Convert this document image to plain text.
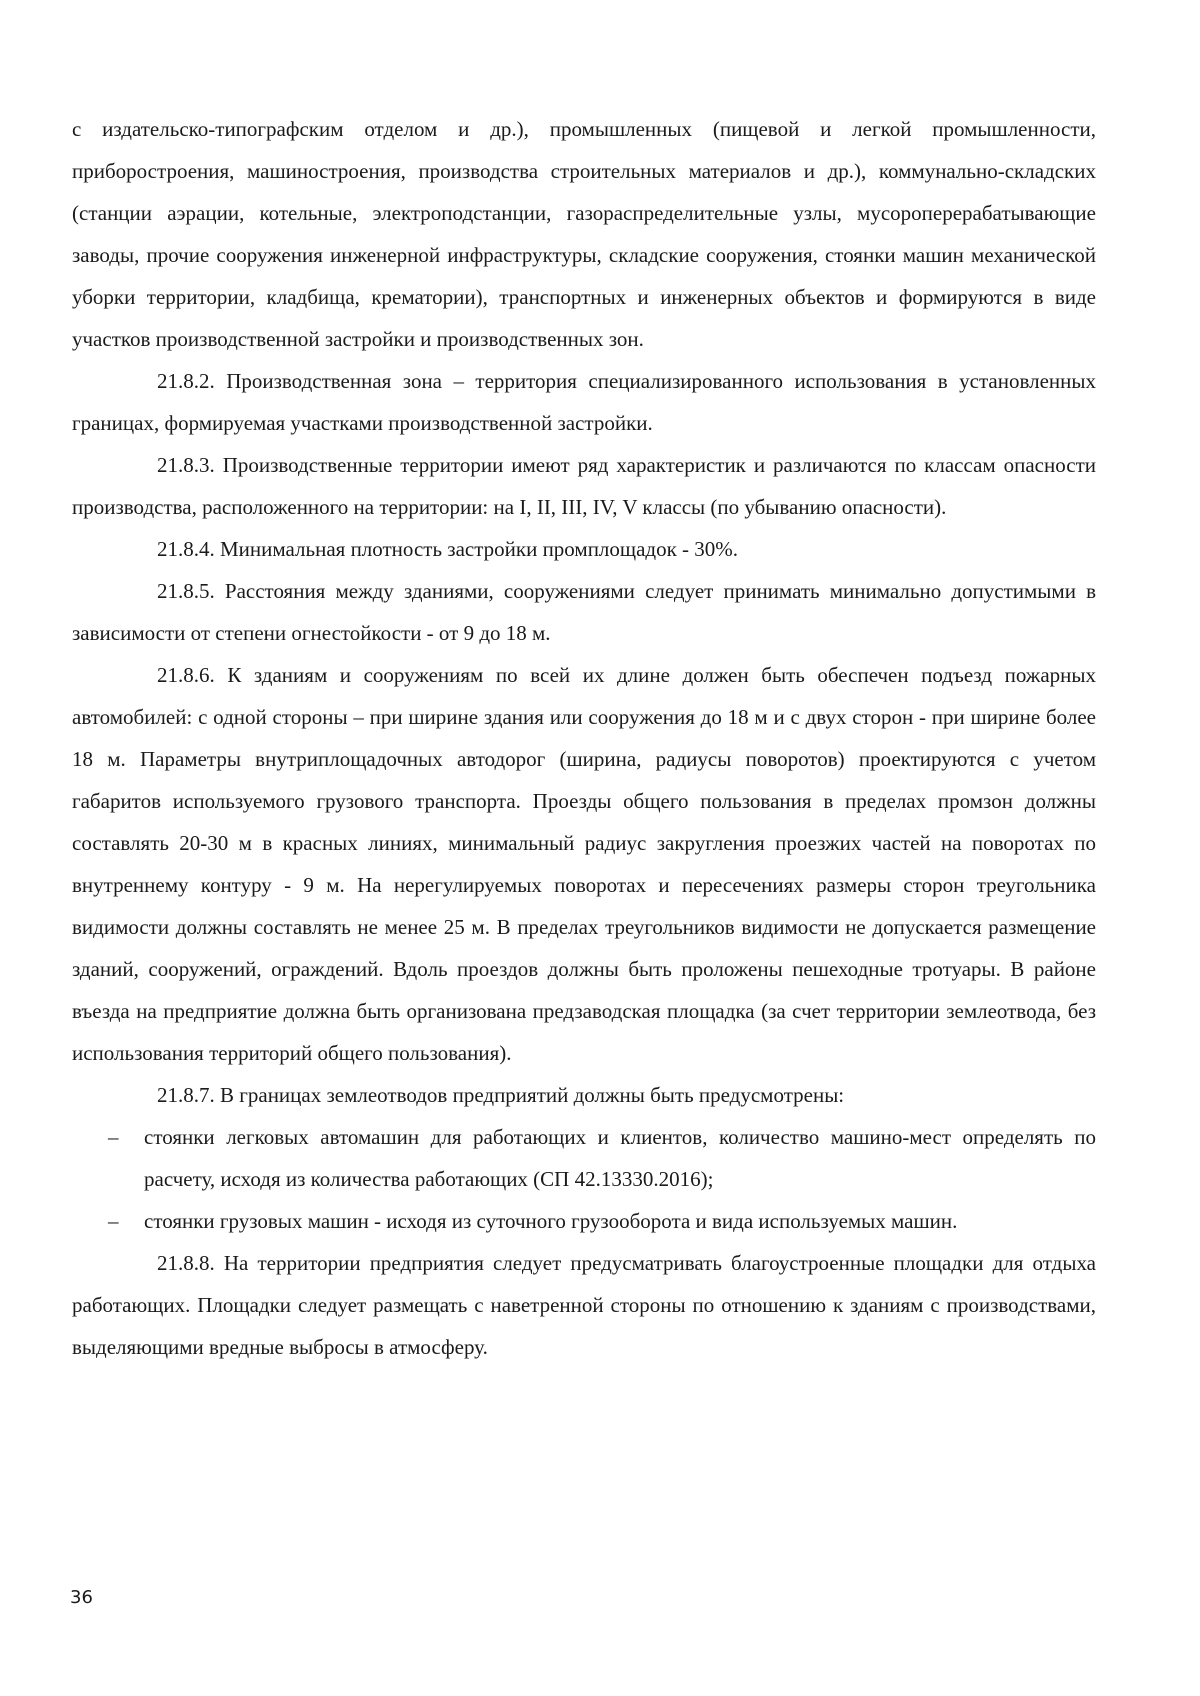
с издательско-типографским отделом и др.), промышленных (пищевой и легкой промышленности, приборостроения, машиностроения, производства строительных материалов и др.), коммунально-складских (станции аэрации, котельные, электроподстанции, газораспределительные узлы, мусороперерабатывающие заводы, прочие сооружения инженерной инфраструктуры, складские сооружения, стоянки машин механической уборки территории, кладбища, крематории), транспортных и инженерных объектов и формируются в виде участков производственной застройки и производственных зон.

21.8.2. Производственная зона – территория специализированного использования в установленных границах, формируемая участками производственной застройки.

21.8.3. Производственные территории имеют ряд характеристик и различаются по классам опасности производства, расположенного на территории: на I, II, III, IV, V классы (по убыванию опасности).

21.8.4. Минимальная плотность застройки промплощадок - 30%.

21.8.5. Расстояния между зданиями, сооружениями следует принимать минимально допустимыми в зависимости от степени огнестойкости - от 9 до 18 м.

21.8.6. К зданиям и сооружениям по всей их длине должен быть обеспечен подъезд пожарных автомобилей: с одной стороны – при ширине здания или сооружения до 18 м и с двух сторон - при ширине более 18 м. Параметры внутриплощадочных автодорог (ширина, радиусы поворотов) проектируются с учетом габаритов используемого грузового транспорта. Проезды общего пользования в пределах промзон должны составлять 20-30 м в красных линиях, минимальный радиус закругления проезжих частей на поворотах по внутреннему контуру - 9 м. На нерегулируемых поворотах и пересечениях размеры сторон треугольника видимости должны составлять не менее 25 м. В пределах треугольников видимости не допускается размещение зданий, сооружений, ограждений. Вдоль проездов должны быть проложены пешеходные тротуары. В районе въезда на предприятие должна быть организована предзаводская площадка (за счет территории землеотвода, без использования территорий общего пользования).

21.8.7. В границах землеотводов предприятий должны быть предусмотрены:

– стоянки легковых автомашин для работающих и клиентов, количество машино-мест определять по расчету, исходя из количества работающих (СП 42.13330.2016);
– стоянки грузовых машин - исходя из суточного грузооборота и вида используемых машин.

21.8.8. На территории предприятия следует предусматривать благоустроенные площадки для отдыха работающих. Площадки следует размещать с наветренной стороны по отношению к зданиям с производствами, выделяющими вредные выбросы в атмосферу.

36
